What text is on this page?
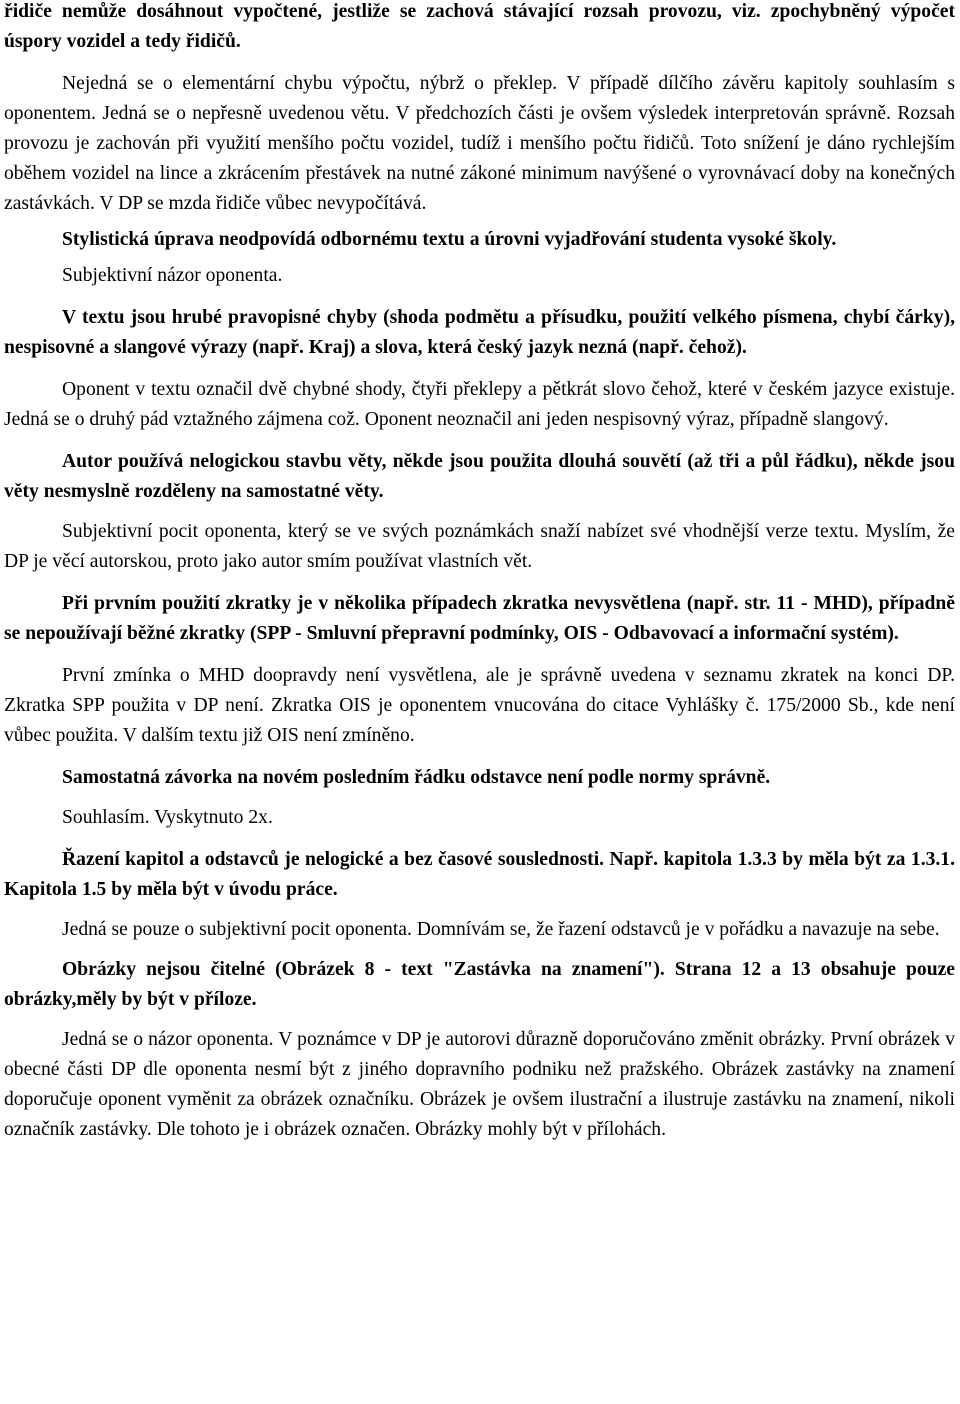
řidiče nemůže dosáhnout vypočtené, jestliže se zachová stávající rozsah provozu, viz. zpochybněný výpočet úspory vozidel a tedy řidičů.

Nejedná se o elementární chybu výpočtu, nýbrž o překlep. V případě dílčího závěru kapitoly souhlasím s oponentem. Jedná se o nepřesně uvedenou větu. V předchozích části je ovšem výsledek interpretován správně. Rozsah provozu je zachován při využití menšího počtu vozidel, tudíž i menšího počtu řidičů. Toto snížení je dáno rychlejším oběhem vozidel na lince a zkrácením přestávek na nutné zákoné minimum navýšené o vyrovnávací doby na konečných zastávkách. V DP se mzda řidiče vůbec nevypočítává.

Stylistická úprava neodpovídá odbornému textu a úrovni vyjadřování studenta vysoké školy.

Subjektivní názor oponenta.

V textu jsou hrubé pravopisné chyby (shoda podmětu a přísudku, použití velkého písmena, chybí čárky), nespisovné a slangové výrazy (např. Kraj) a slova, která český jazyk nezná (např. čehož).

Oponent v textu označil dvě chybné shody, čtyři překlepy a pětkrát slovo čehož, které v českém jazyce existuje. Jedná se o druhý pád vztažného zájmena což. Oponent neoznačil ani jeden nespisovný výraz, případně slangový.

Autor používá nelogickou stavbu věty, někde jsou použita dlouhá souvětí (až tři a půl řádku), někde jsou věty nesmyslně rozděleny na samostatné věty.

Subjektivní pocit oponenta, který se ve svých poznámkách snaží nabízet své vhodnější verze textu. Myslím, že DP je věcí autorskou, proto jako autor smím používat vlastních vět.

Při prvním použití zkratky je v několika případech zkratka nevysvětlena (např. str. 11 - MHD), případně se nepoužívají běžné zkratky (SPP - Smluvní přepravní podmínky, OIS - Odbavovací a informační systém).

První zmínka o MHD doopravdy není vysvětlena, ale je správně uvedena v seznamu zkratek na konci DP. Zkratka SPP použita v DP není. Zkratka OIS je oponentem vnucována do citace Vyhlášky č. 175/2000 Sb., kde není vůbec použita. V dalším textu již OIS není zmíněno.

Samostatná závorka na novém posledním řádku odstavce není podle normy správně.

Souhlasím. Vyskytnuto 2x.

Řazení kapitol a odstavců je nelogické a bez časové souslednosti. Např. kapitola 1.3.3 by měla být za 1.3.1. Kapitola 1.5 by měla být v úvodu práce.

Jedná se pouze o subjektivní pocit oponenta. Domnívám se, že řazení odstavců je v pořádku a navazuje na sebe.

Obrázky nejsou čitelné (Obrázek 8 - text "Zastávka na znamení"). Strana 12 a 13 obsahuje pouze obrázky,měly by být v příloze.

Jedná se o názor oponenta. V poznámce v DP je autorovi důrazně doporučováno změnit obrázky. První obrázek v obecné části DP dle oponenta nesmí být z jiného dopravního podniku než pražského. Obrázek zastávky na znamení doporučuje oponent vyměnit za obrázek označníku. Obrázek je ovšem ilustrační a ilustruje zastávku na znamení, nikoli označník zastávky. Dle tohoto je i obrázek označen. Obrázky mohly být v přílohách.
